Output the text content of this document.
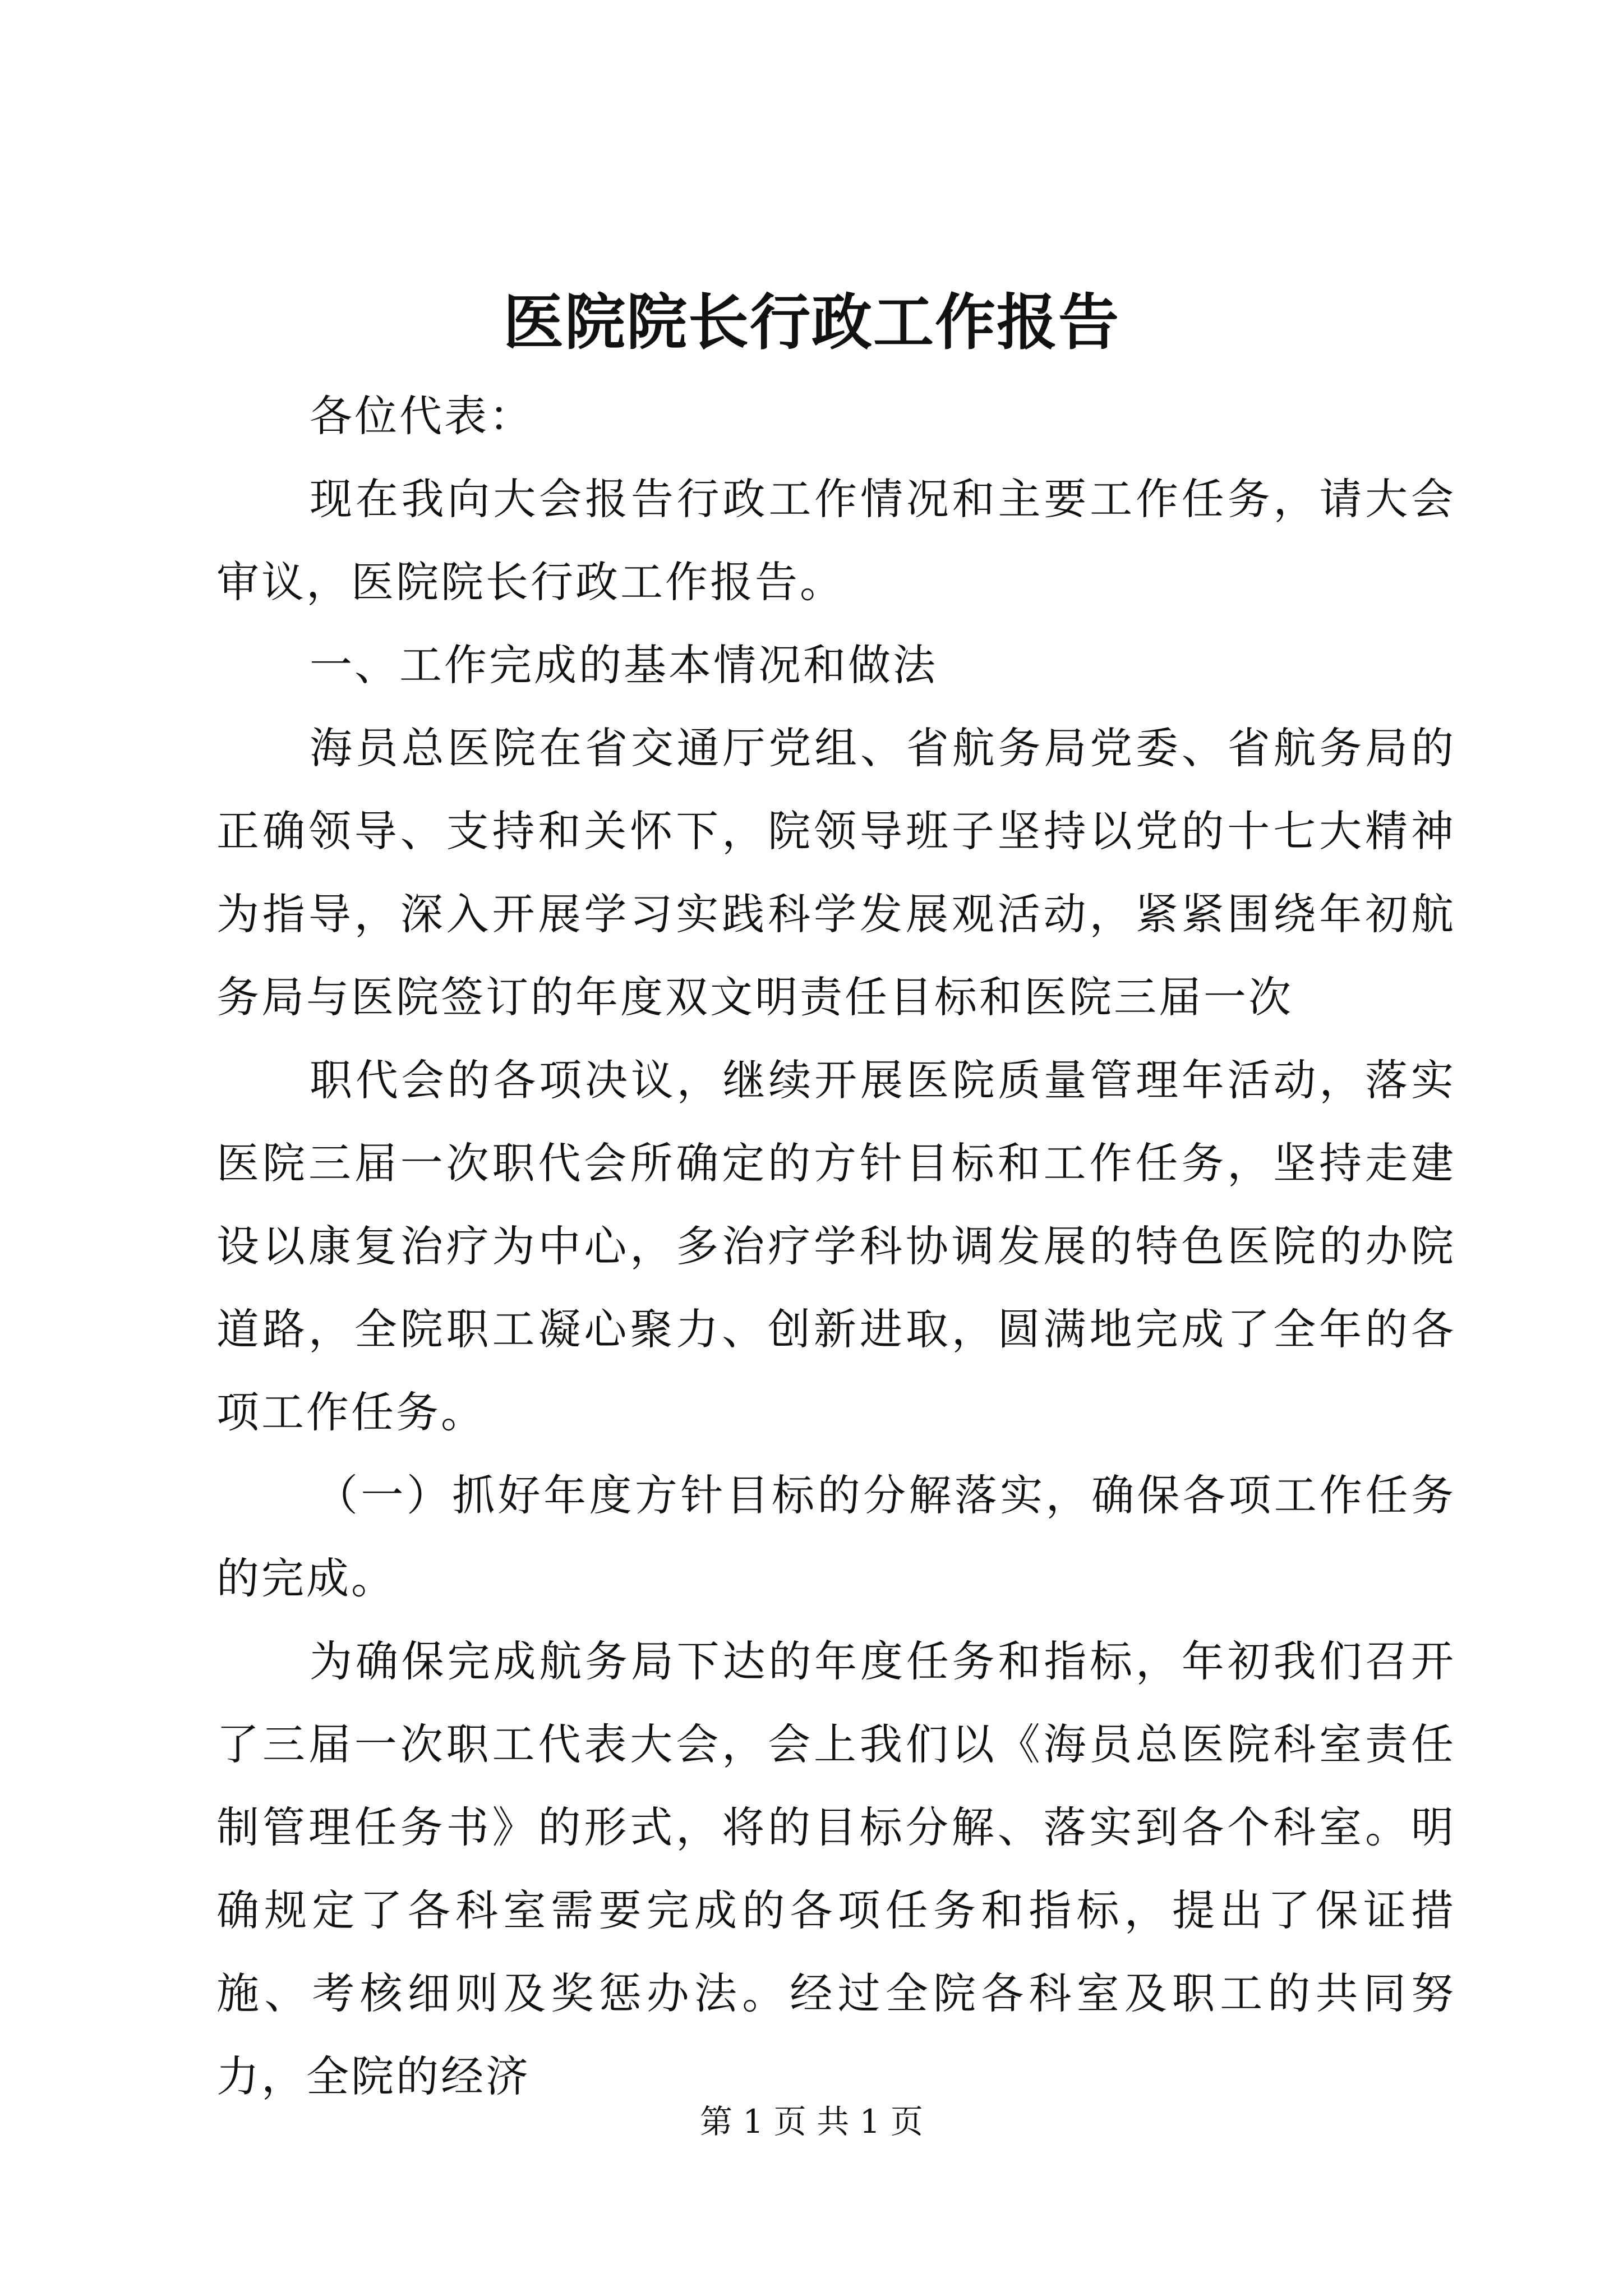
医院院长行政工作报告

各位代表：

现在我向大会报告行政工作情况和主要工作任务，请大会审议，医院院长行政工作报告。

一、工作完成的基本情况和做法

海员总医院在省交通厅党组、省航务局党委、省航务局的正确领导、支持和关怀下，院领导班子坚持以党的十七大精神为指导，深入开展学习实践科学发展观活动，紧紧围绕年初航务局与医院签订的年度双文明责任目标和医院三届一次

职代会的各项决议，继续开展医院质量管理年活动，落实医院三届一次职代会所确定的方针目标和工作任务，坚持走建设以康复治疗为中心，多治疗学科协调发展的特色医院的办院道路，全院职工凝心聚力、创新进取，圆满地完成了全年的各项工作任务。

（一）抓好年度方针目标的分解落实，确保各项工作任务的完成。

为确保完成航务局下达的年度任务和指标，年初我们召开了三届一次职工代表大会，会上我们以《海员总医院科室责任制管理任务书》的形式，将的目标分解、落实到各个科室。明确规定了各科室需要完成的各项任务和指标，提出了保证措施、考核细则及奖惩办法。经过全院各科室及职工的共同努力，全院的经济

第 1 页 共 1 页
